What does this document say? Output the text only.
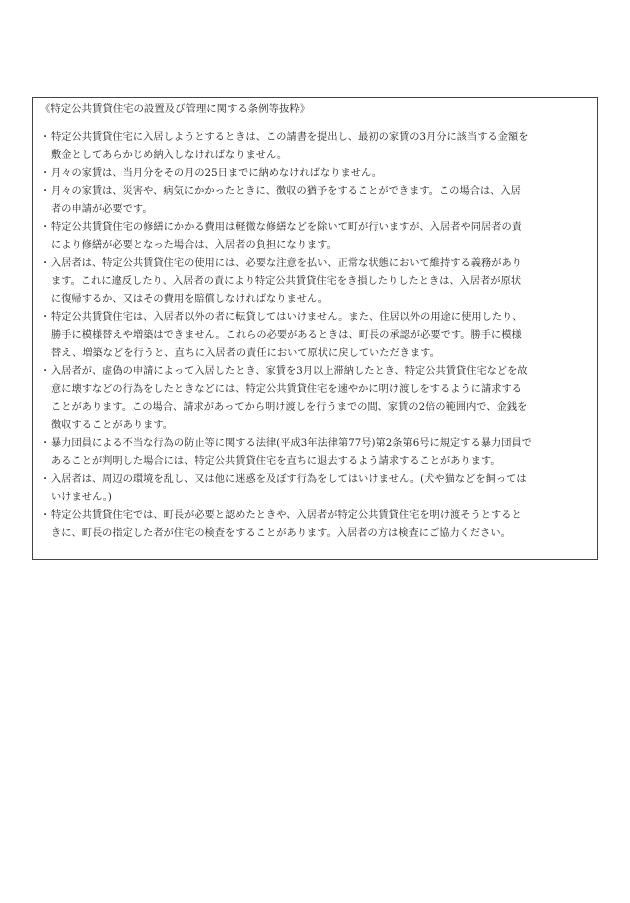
《特定公共賃貸住宅の設置及び管理に関する条例等抜粋》
・ 特定公共賃貸住宅に入居しようとするときは、この請書を提出し、最初の家賃の3月分に該当する金額を
敷金としてあらかじめ納入しなければなりません。
・ 月々の家賃は、当月分をその月の25日までに納めなければなりません。
・ 月々の家賃は、災害や、病気にかかったときに、徴収の猶予をすることができます。この場合は、入居
者の申請が必要です。
・ 特定公共賃貸住宅の修繕にかかる費用は軽微な修繕などを除いて町が行いますが、入居者や同居者の責
により修繕が必要となった場合は、入居者の負担になります。
・ 入居者は、特定公共賃貸住宅の使用には、必要な注意を払い、正常な状態において維持する義務があり
ます。これに違反したり、入居者の責により特定公共賃貸住宅をき損したりしたときは、入居者が原状
に復帰するか、又はその費用を賠償しなければなりません。
・ 特定公共賃貸住宅は、入居者以外の者に転貸してはいけません。また、住居以外の用途に使用したり、
勝手に模様替えや増築はできません。これらの必要があるときは、町長の承認が必要です。勝手に模様
替え、増築などを行うと、直ちに入居者の責任において原状に戻していただきます。
・ 入居者が、虚偽の申請によって入居したとき、家賃を3月以上滞納したとき、特定公共賃貸住宅などを故
意に壊すなどの行為をしたときなどには、特定公共賃貸住宅を速やかに明け渡しをするように請求する
ことがあります。この場合、請求があってから明け渡しを行うまでの間、家賃の2倍の範囲内で、金銭を
徴収することがあります。
・ 暴力団員による不当な行為の防止等に関する法律(平成3年法律第77号)第2条第6号に規定する暴力団員で
あることが判明した場合には、特定公共賃貸住宅を直ちに退去するよう請求することがあります。
・ 入居者は、周辺の環境を乱し、又は他に迷惑を及ぼす行為をしてはいけません。(犬や猫などを飼っては
いけません。)
・ 特定公共賃貸住宅では、町長が必要と認めたときや、入居者が特定公共賃貸住宅を明け渡そうとすると
きに、町長の指定した者が住宅の検査をすることがあります。入居者の方は検査にご協力ください。
